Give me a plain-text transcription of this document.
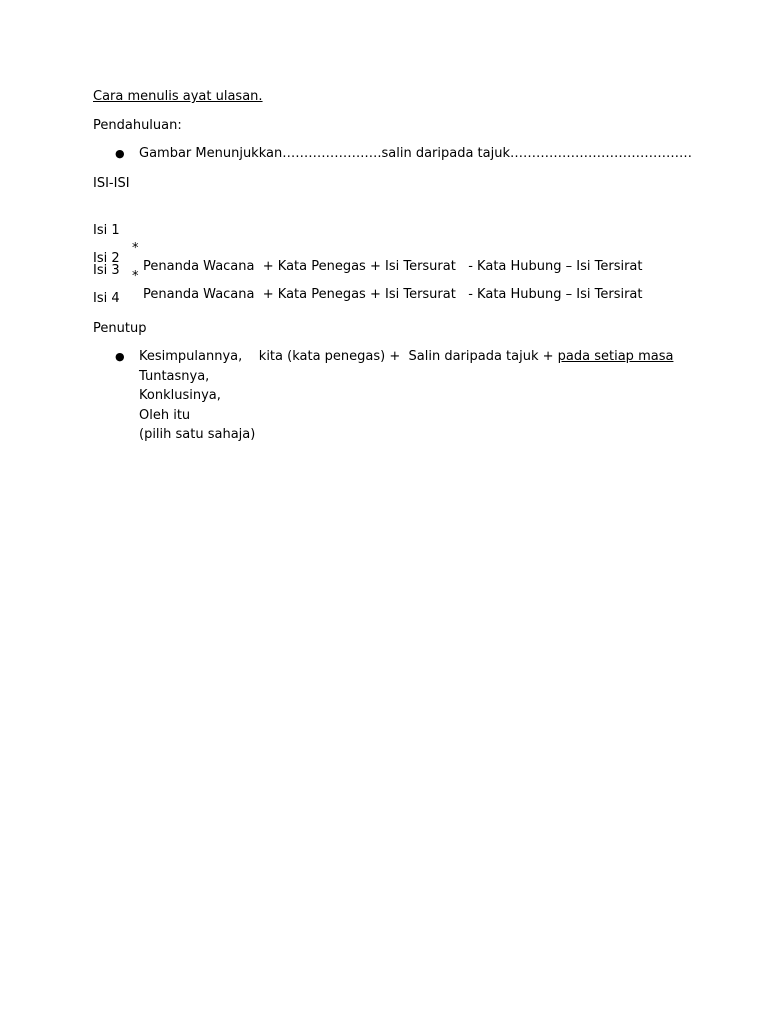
Cara menulis ayat ulasan.
Pendahuluan:
● Gambar Menunjukkan……………….….salin daripada tajuk……………………………………
ISI-ISI

Isi 1

*

Penanda Wacana  + Kata Penegas + Isi Tersurat   - Kata Hubung – Isi Tersirat

Isi 2

*

Penanda Wacana  + Kata Penegas + Isi Tersurat   - Kata Hubung – Isi Tersirat

Isi 3
Isi 4
Penutup
● Kesimpulannya,    kita (kata penegas) +  Salin daripada tajuk + pada setiap masa
Tuntasnya,
Konklusinya,
Oleh itu
(pilih satu sahaja)
